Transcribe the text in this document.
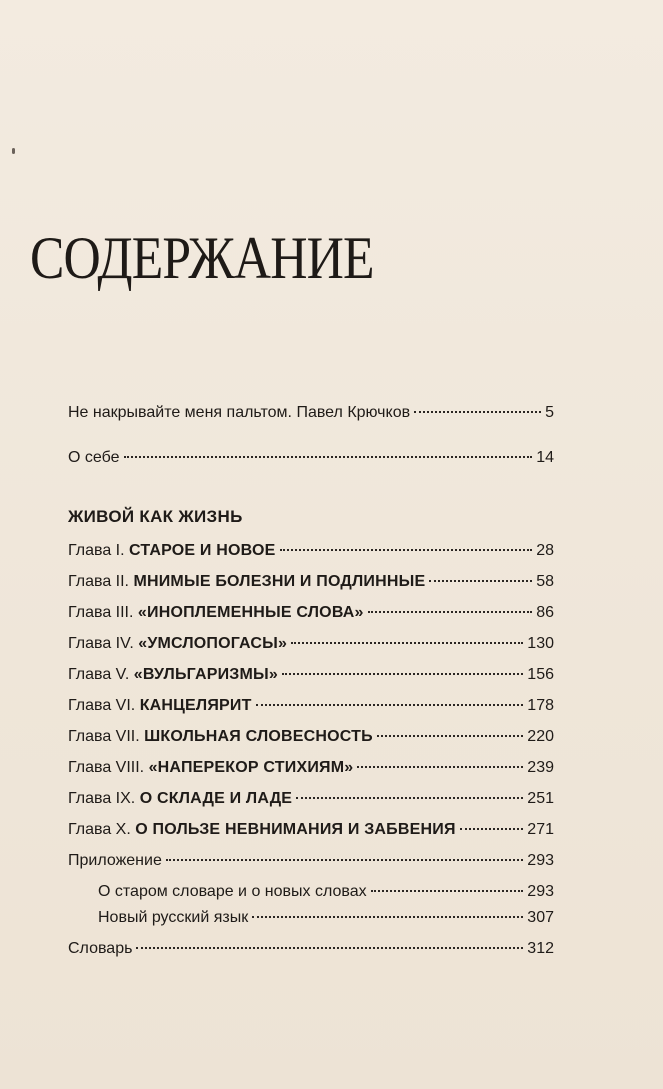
СОДЕРЖАНИЕ
Не накрывайте меня пальтом. Павел Крючков	5
О себе	14
Глава I. СТАРОЕ И НОВОЕ	28
Глава II. МНИМЫЕ БОЛЕЗНИ И ПОДЛИННЫЕ	58
Глава III. «ИНОПЛЕМЕННЫЕ СЛОВА»	86
Глава IV. «УМСЛОПОГАСЫ»	130
Глава V. «ВУЛЬГАРИЗМЫ»	156
Глава VI. КАНЦЕЛЯРИТ	178
Глава VII. ШКОЛЬНАЯ СЛОВЕСНОСТЬ	220
Глава VIII. «НАПЕРЕКОР СТИХИЯМ»	239
Глава IX. О СКЛАДЕ И ЛАДЕ	251
Глава X. О ПОЛЬЗЕ НЕВНИМАНИЯ И ЗАБВЕНИЯ	271
Приложение	293
О старом словаре и о новых словах	293
Новый русский язык	307
Словарь	312
ЖИВОЙ КАК ЖИЗНЬ
